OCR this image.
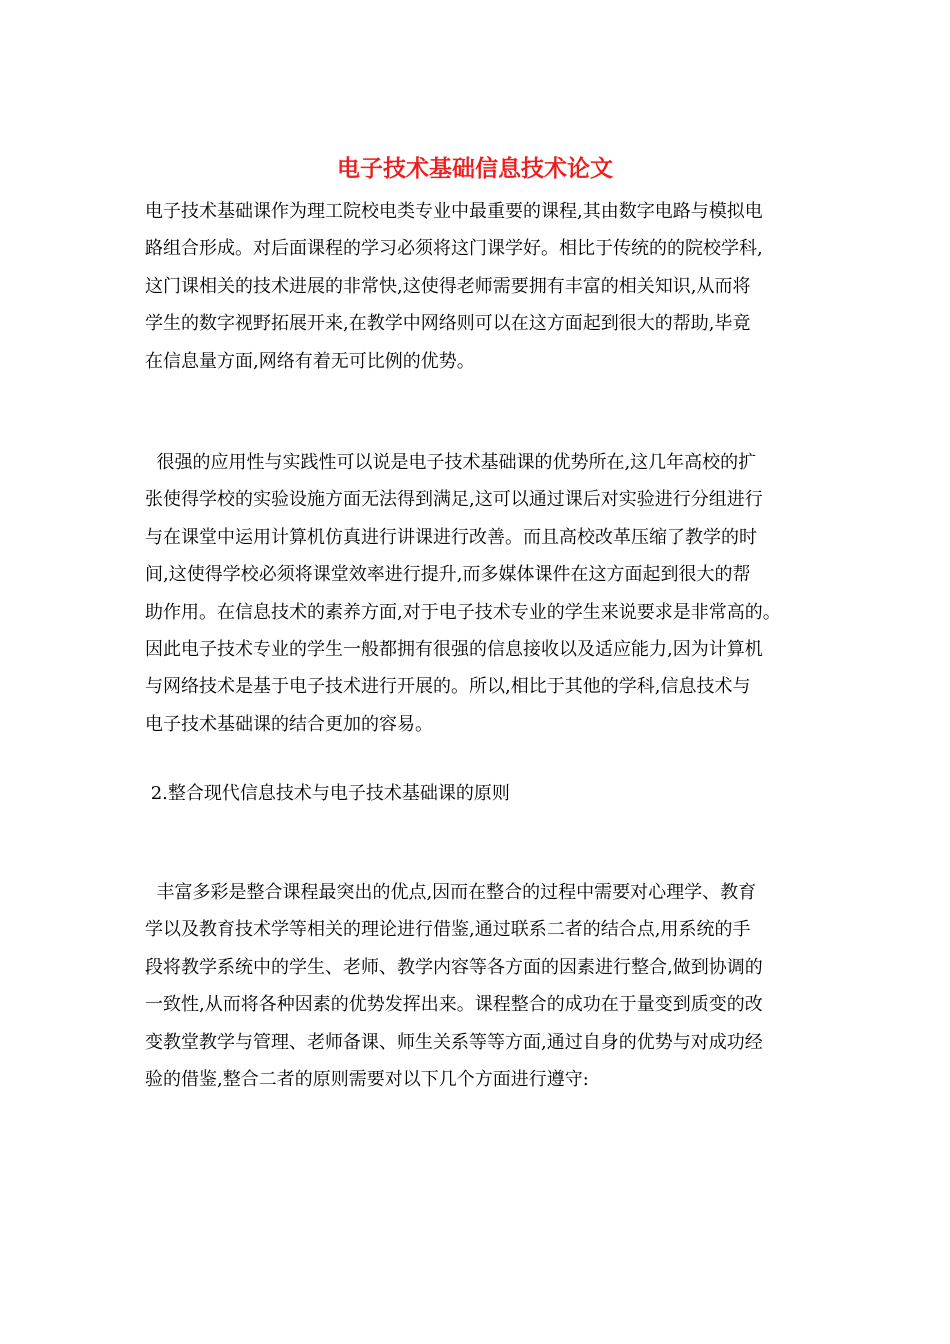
电子技术基础信息技术论文
电子技术基础课作为理工院校电类专业中最重要的课程,其由数字电路与模拟电
路组合形成。对后面课程的学习必须将这门课学好。相比于传统的的院校学科,
这门课相关的技术进展的非常快,这使得老师需要拥有丰富的相关知识,从而将
学生的数字视野拓展开来,在教学中网络则可以在这方面起到很大的帮助,毕竟
在信息量方面,网络有着无可比例的优势。
很强的应用性与实践性可以说是电子技术基础课的优势所在,这几年高校的扩
张使得学校的实验设施方面无法得到满足,这可以通过课后对实验进行分组进行
与在课堂中运用计算机仿真进行讲课进行改善。而且高校改革压缩了教学的时
间,这使得学校必须将课堂效率进行提升,而多媒体课件在这方面起到很大的帮
助作用。在信息技术的素养方面,对于电子技术专业的学生来说要求是非常高的。
因此电子技术专业的学生一般都拥有很强的信息接收以及适应能力,因为计算机
与网络技术是基于电子技术进行开展的。所以,相比于其他的学科,信息技术与
电子技术基础课的结合更加的容易。
2.整合现代信息技术与电子技术基础课的原则
丰富多彩是整合课程最突出的优点,因而在整合的过程中需要对心理学、教育
学以及教育技术学等相关的理论进行借鉴,通过联系二者的结合点,用系统的手
段将教学系统中的学生、老师、教学内容等各方面的因素进行整合,做到协调的
一致性,从而将各种因素的优势发挥出来。课程整合的成功在于量变到质变的改
变教堂教学与管理、老师备课、师生关系等等方面,通过自身的优势与对成功经
验的借鉴,整合二者的原则需要对以下几个方面进行遵守:
